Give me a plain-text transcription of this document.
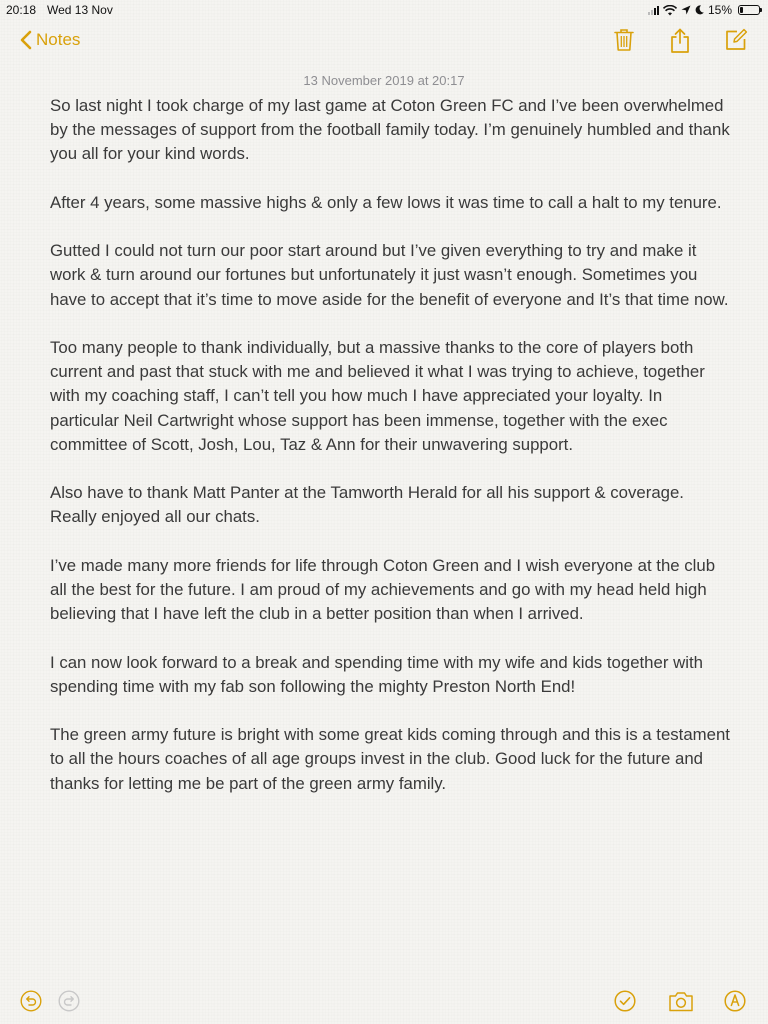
20:18 Wed 13 Nov	15%
Notes
13 November 2019 at 20:17

So last night I took charge of my last game at Coton Green FC and I’ve been overwhelmed by the messages of support from the football family today. I’m genuinely humbled and thank you all for your kind words.

After 4 years, some massive highs & only a few lows it was time to call a halt to my tenure.

Gutted I could not turn our poor start around but I’ve given everything to try and make it work & turn around our fortunes but unfortunately it just wasn’t enough. Sometimes you have to accept that it’s time to move aside for the benefit of everyone and It’s that time now.

Too many people to thank individually, but a massive thanks to the core of players both current and past that stuck with me and believed it what I was trying to achieve, together with my coaching staff, I can’t tell you how much I have appreciated your loyalty. In particular Neil Cartwright whose support has been immense, together with the exec committee of Scott, Josh, Lou, Taz & Ann for their unwavering support.

Also have to thank Matt Panter at the Tamworth Herald for all his support & coverage. Really enjoyed all our chats.

I’ve made many more friends for life through Coton Green and I wish everyone at the club all the best for the future. I am proud of my achievements and go with my head held high believing that I have left the club in a better position than when I arrived.

I can now look forward to a break and spending time with my wife and kids together with spending time with my fab son following the mighty Preston North End!

The green army future is bright with some great kids coming through and this is a testament to all the hours coaches of all age groups invest in the club. Good luck for the future and thanks for letting me be part of the green army family.
